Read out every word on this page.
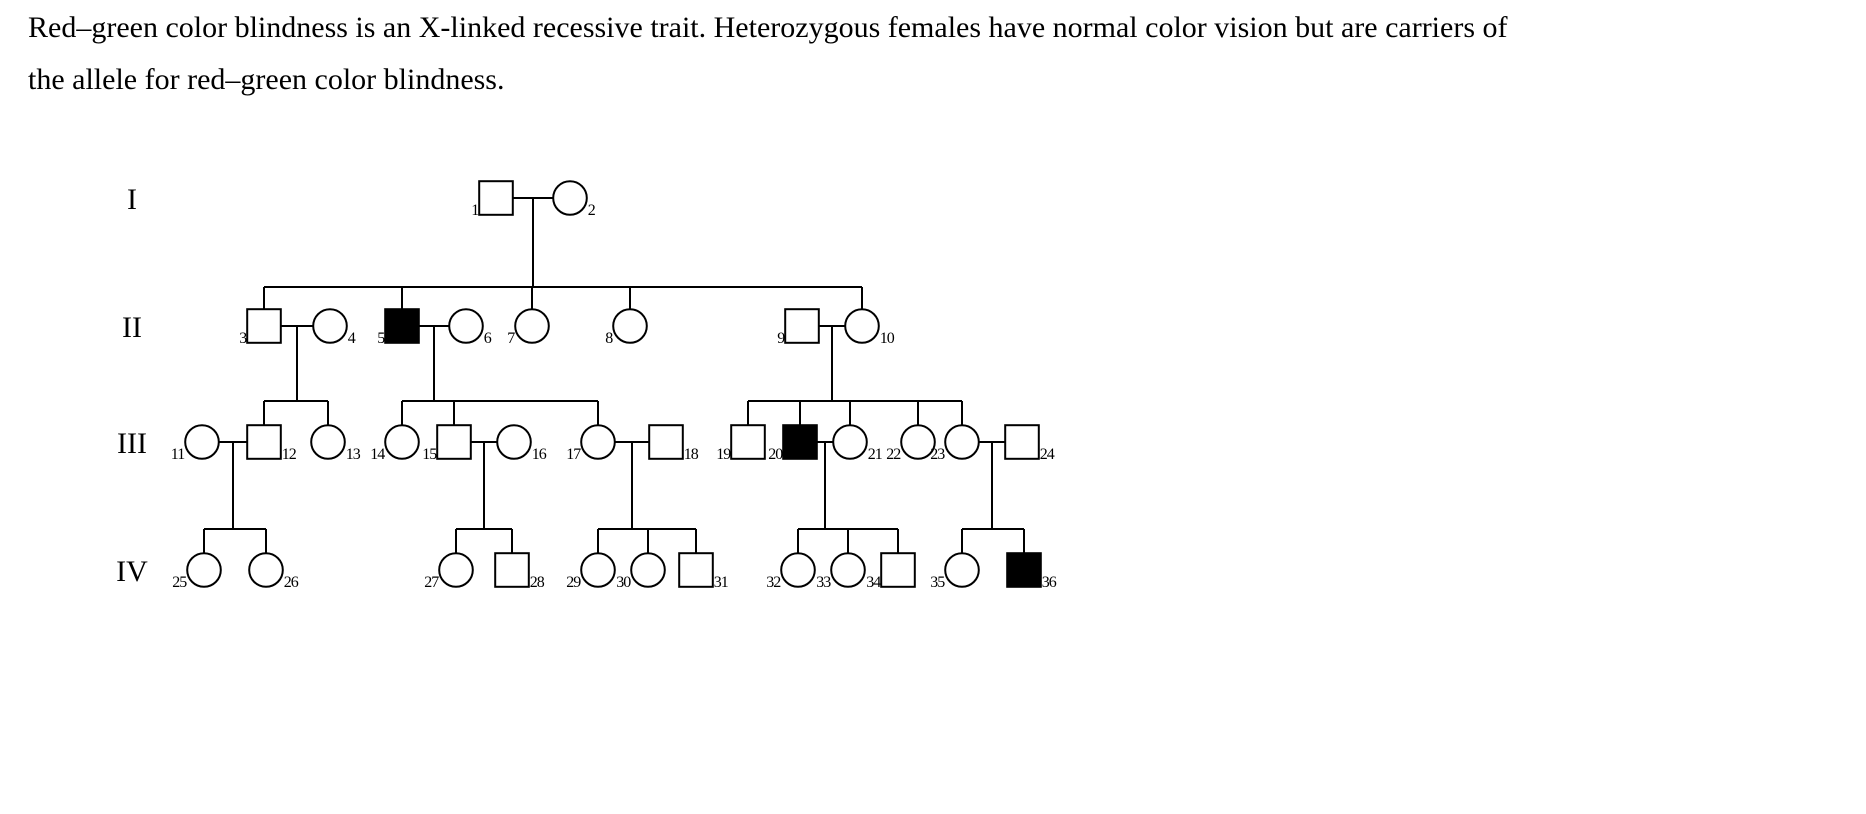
Red–green color blindness is an X-linked recessive trait. Heterozygous females have normal color vision but are carriers of
the allele for red–green color blindness.
I
II
III
IV
1	2
3	4 5	6 7	8	9	10
11	12	13 14 15	16 17	18 19 20	21 22 23	24
25	26	27	28 29 30	31 32 33 34	35	36
